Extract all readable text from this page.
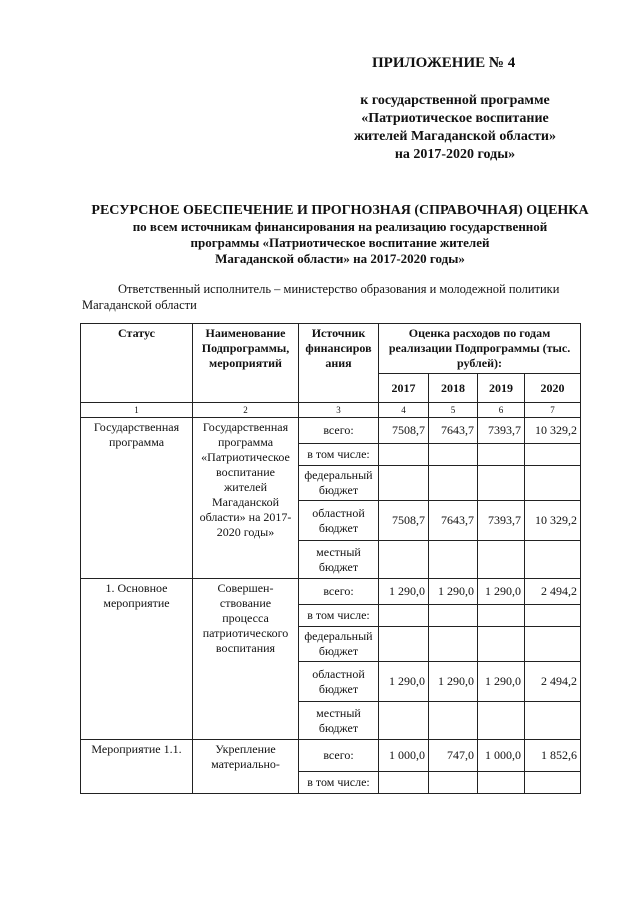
ПРИЛОЖЕНИЕ № 4
к государственной программе
«Патриотическое воспитание
жителей Магаданской области»
на 2017-2020 годы»
РЕСУРСНОЕ ОБЕСПЕЧЕНИЕ И ПРОГНОЗНАЯ (СПРАВОЧНАЯ) ОЦЕНКА
по всем источникам финансирования на реализацию государственной
программы «Патриотическое воспитание жителей
Магаданской области» на 2017-2020 годы»
Ответственный исполнитель – министерство образования и молодежной политики Магаданской области
Статус	Наименование Подпрограммы, мероприятий	Источник финансиров ания	Оценка расходов по годам реализации Подпрограммы (тыс. рублей):			
			2017	2018	2019	2020
1	2	3	4	5	6	7
Государственная программа	Государственная программа «Патриотическое воспитание жителей Магаданской области» на 2017-2020 годы»	всего:	7508,7	7643,7	7393,7	10 329,2
		в том числе:				
		федеральный бюджет				
		областной бюджет	7508,7	7643,7	7393,7	10 329,2
		местный бюджет				
1. Основное мероприятие	Совершен-ствование процесса патриотического воспитания	всего:	1 290,0	1 290,0	1 290,0	2 494,2
		в том числе:				
		федеральный бюджет				
		областной бюджет	1 290,0	1 290,0	1 290,0	2 494,2
		местный бюджет				
Мероприятие 1.1.	Укрепление материально-	всего:	1 000,0	747,0	1 000,0	1 852,6
		в том числе:				
